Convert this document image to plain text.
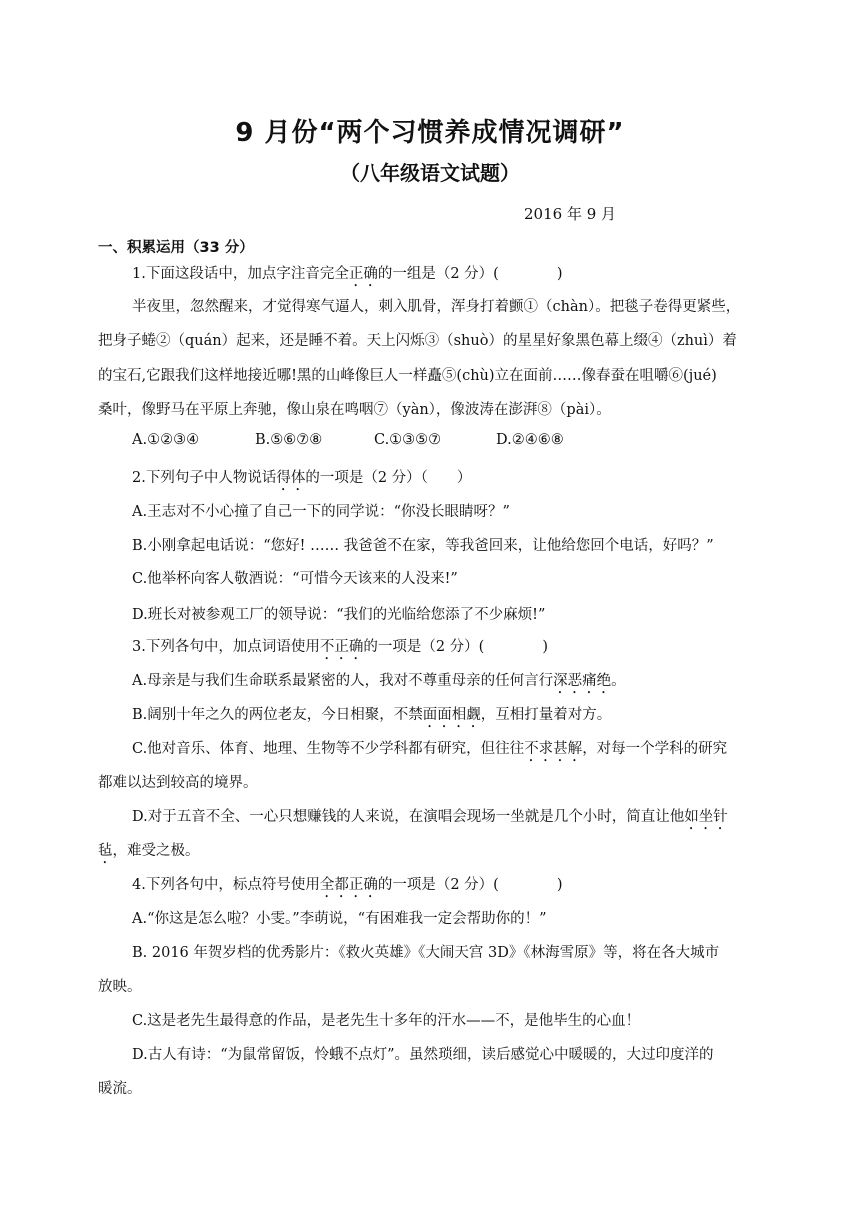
9 月份“两个习惯养成情况调研”
（八年级语文试题）
2016 年 9 月
一、积累运用（33 分）

1.下面这段话中，加点字注音完全正确的一组是（2 分）(　　　　)

半夜里，忽然醒来，才觉得寒气逼人，刺入肌骨，浑身打着颤①（chàn）。把毯子卷得更紧些，

把身子蜷②（quán）起来，还是睡不着。天上闪烁③（shuò）的星星好象黑色幕上缀④（zhuì）着

的宝石,它跟我们这样地接近哪!黑的山峰像巨人一样矗⑤(chù)立在面前……像春蚕在咀嚼⑥(jué)

桑叶，像野马在平原上奔驰，像山泉在鸣咽⑦（yàn），像波涛在澎湃⑧（pài）。

A.①②③④	B.⑤⑥⑦⑧	C.①③⑤⑦	D.②④⑥⑧

2.下列句子中人物说话得体的一项是（2 分）（　　）

A.王志对不小心撞了自己一下的同学说：“你没长眼睛呀？”

B.小刚拿起电话说：“您好! …… 我爸爸不在家，等我爸回来，让他给您回个电话，好吗？”

C.他举杯向客人敬酒说：“可惜今天该来的人没来!”

D.班长对被参观工厂的领导说：“我们的光临给您添了不少麻烦!”

3.下列各句中，加点词语使用不正确的一项是（2 分）(　　　　)

A.母亲是与我们生命联系最紧密的人，我对不尊重母亲的任何言行深恶痛绝。

B.阔别十年之久的两位老友，今日相聚，不禁面面相觑，互相打量着对方。

C.他对音乐、体育、地理、生物等不少学科都有研究，但往往不求甚解，对每一个学科的研究

都难以达到较高的境界。

D.对于五音不全、一心只想赚钱的人来说，在演唱会现场一坐就是几个小时，简直让他如坐针

毡，难受之极。

4.下列各句中，标点符号使用全都正确的一项是（2 分）(　　　　)

A.“你这是怎么啦？小雯。”李萌说，“有困难我一定会帮助你的！”

B. 2016 年贺岁档的优秀影片：《救火英雄》《大闹天宫 3D》《林海雪原》等，将在各大城市

放映。

C.这是老先生最得意的作品，是老先生十多年的汗水——不，是他毕生的心血！

D.古人有诗：“为鼠常留饭，怜蛾不点灯”。虽然琐细，读后感觉心中暖暖的，大过印度洋的

暖流。
